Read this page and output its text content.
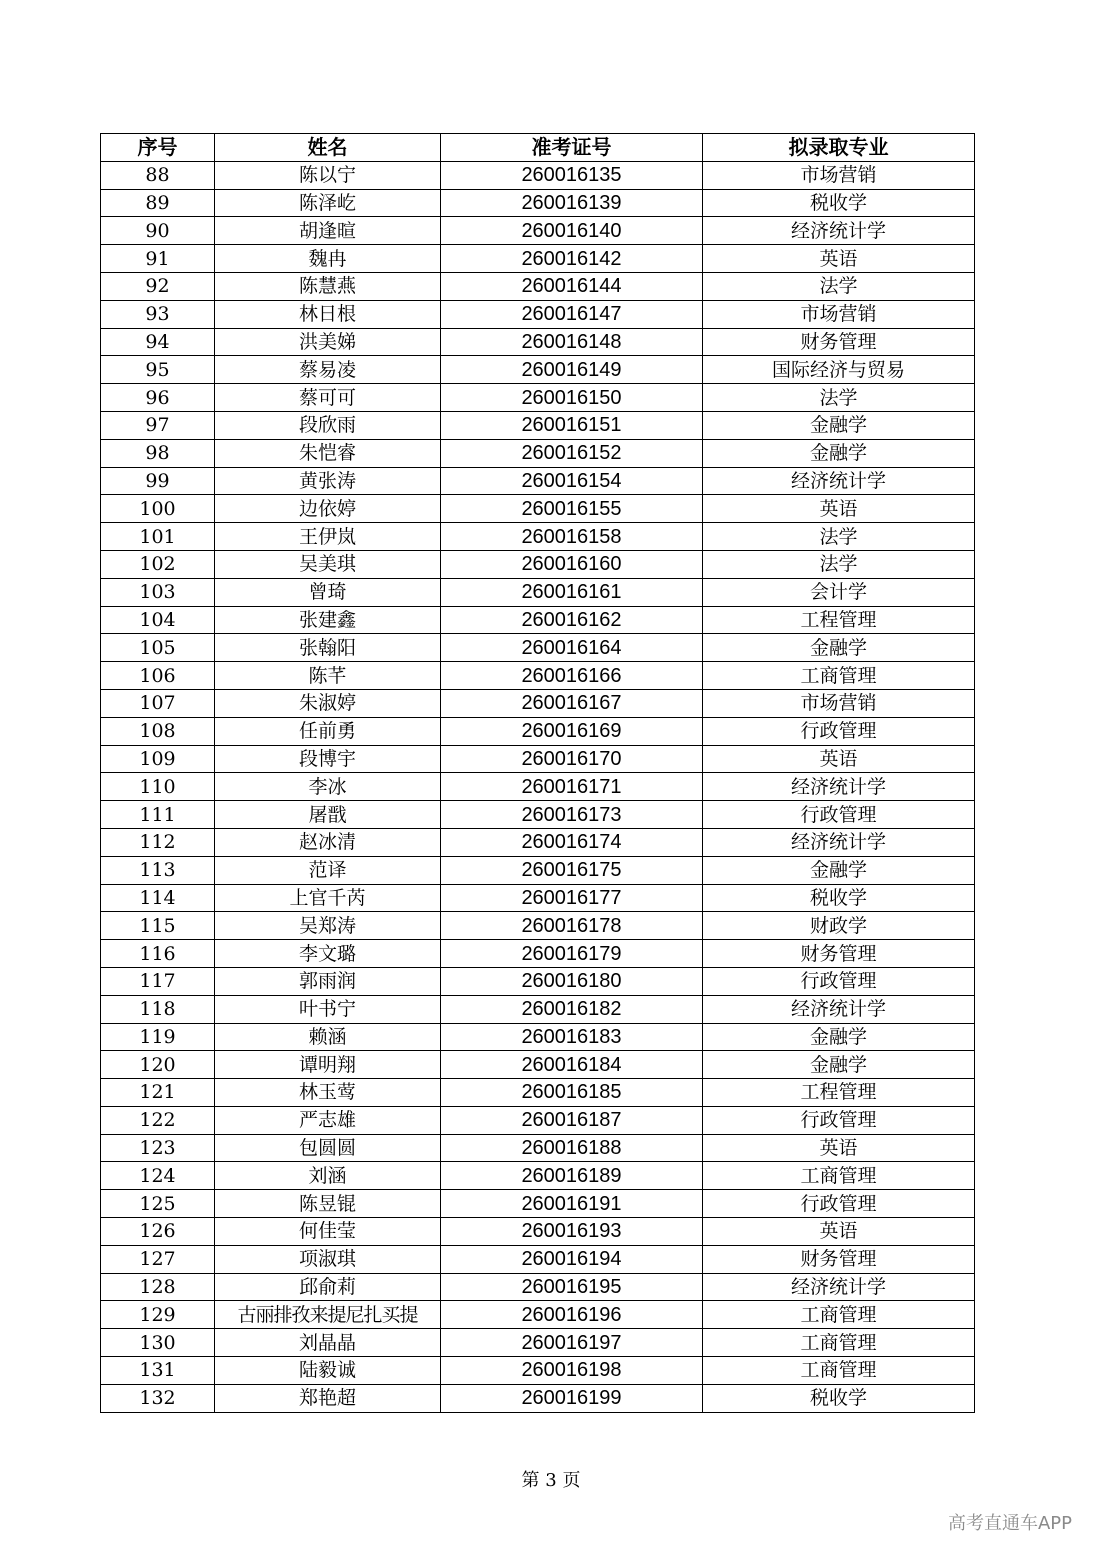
序号	姓名	准考证号	拟录取专业
88	陈以宁	260016135	市场营销
89	陈泽屹	260016139	税收学
90	胡逢暄	260016140	经济统计学
91	魏冉	260016142	英语
92	陈慧燕	260016144	法学
93	林日根	260016147	市场营销
94	洪美娣	260016148	财务管理
95	蔡易凌	260016149	国际经济与贸易
96	蔡可可	260016150	法学
97	段欣雨	260016151	金融学
98	朱恺睿	260016152	金融学
99	黄张涛	260016154	经济统计学
100	边依婷	260016155	英语
101	王伊岚	260016158	法学
102	吴美琪	260016160	法学
103	曾琦	260016161	会计学
104	张建鑫	260016162	工程管理
105	张翰阳	260016164	金融学
106	陈芊	260016166	工商管理
107	朱淑婷	260016167	市场营销
108	任前勇	260016169	行政管理
109	段博宇	260016170	英语
110	李冰	260016171	经济统计学
111	屠戬	260016173	行政管理
112	赵冰清	260016174	经济统计学
113	范译	260016175	金融学
114	上官千芮	260016177	税收学
115	吴郑涛	260016178	财政学
116	李文璐	260016179	财务管理
117	郭雨润	260016180	行政管理
118	叶书宁	260016182	经济统计学
119	赖涵	260016183	金融学
120	谭明翔	260016184	金融学
121	林玉莺	260016185	工程管理
122	严志雄	260016187	行政管理
123	包圆圆	260016188	英语
124	刘涵	260016189	工商管理
125	陈昱锟	260016191	行政管理
126	何佳莹	260016193	英语
127	项淑琪	260016194	财务管理
128	邱俞莉	260016195	经济统计学
129	古丽排孜来提尼扎买提	260016196	工商管理
130	刘晶晶	260016197	工商管理
131	陆毅诚	260016198	工商管理
132	郑艳超	260016199	税收学
第 3 页
高考直通车APP
